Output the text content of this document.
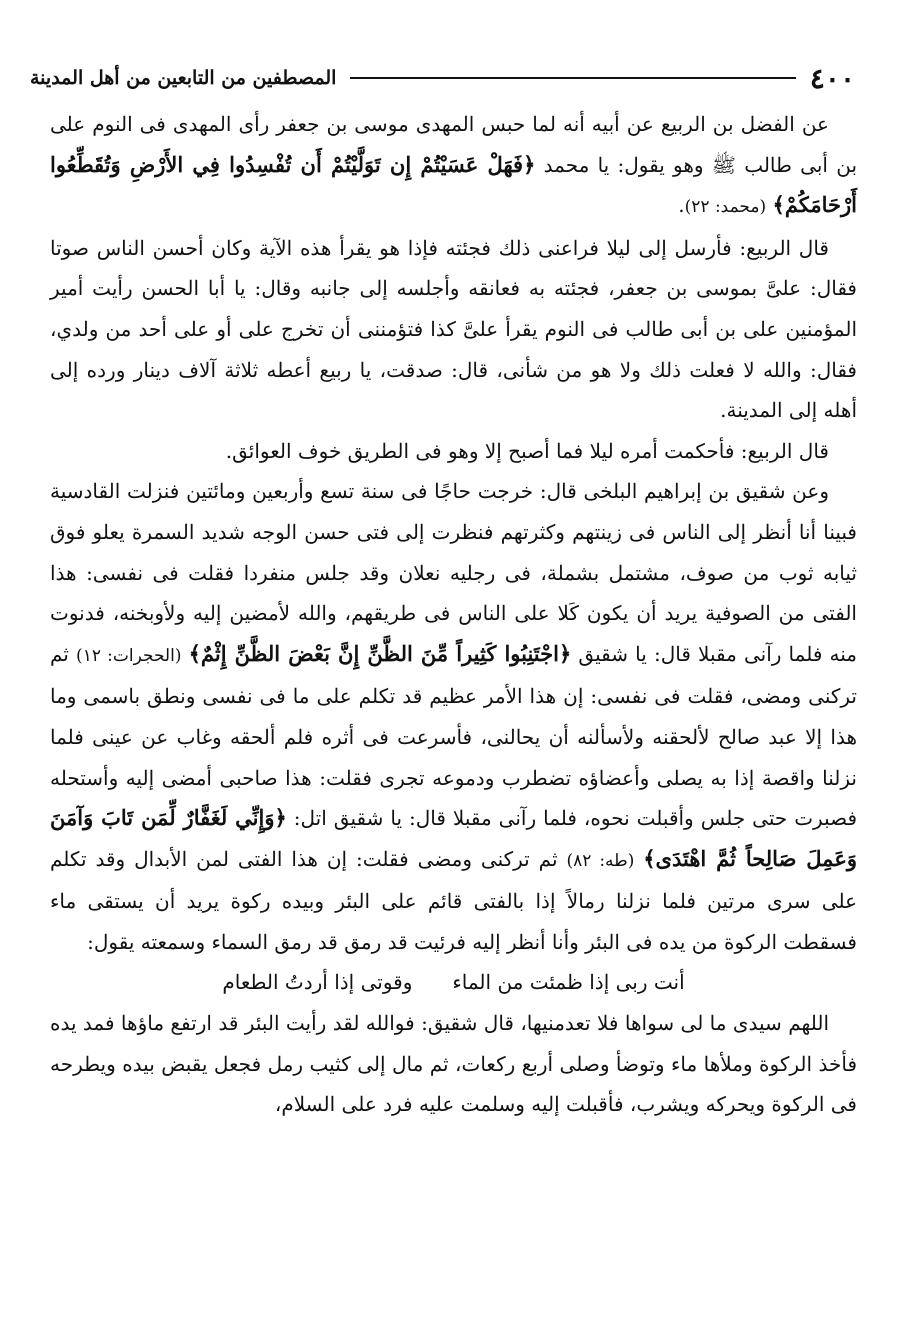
٤٠٠
المصطفين من التابعين من أهل المدينة

عن الفضل بن الربيع عن أبيه أنه لما حبس المهدى موسى بن جعفر رأى المهدى فى النوم على بن أبى طالب ﷺ وهو يقول: يا محمد ﴿فَهَلْ عَسَيْتُمْ إِن تَوَلَّيْتُمْ أَن تُفْسِدُوا فِي الأَرْضِ وَتُقَطِّعُوا أَرْحَامَكُمْ﴾ (محمد: ٢٢).

قال الربيع: فأرسل إلى ليلا فراعنى ذلك فجئته فإذا هو يقرأ هذه الآية وكان أحسن الناس صوتا فقال: علىَّ بموسى بن جعفر، فجئته به فعانقه وأجلسه إلى جانبه وقال: يا أبا الحسن رأيت أمير المؤمنين على بن أبى طالب فى النوم يقرأ علىَّ كذا فتؤمننى أن تخرج على أو على أحد من ولدي، فقال: والله لا فعلت ذلك ولا هو من شأنى، قال: صدقت، يا ربيع أعطه ثلاثة آلاف دينار ورده إلى أهله إلى المدينة.

قال الربيع: فأحكمت أمره ليلا فما أصبح إلا وهو فى الطريق خوف العوائق.

وعن شقيق بن إبراهيم البلخى قال: خرجت حاجًا فى سنة تسع وأربعين ومائتين فنزلت القادسية فبينا أنا أنظر إلى الناس فى زينتهم وكثرتهم فنظرت إلى فتى حسن الوجه شديد السمرة يعلو فوق ثيابه ثوب من صوف، مشتمل بشملة، فى رجليه نعلان وقد جلس منفردا فقلت فى نفسى: هذا الفتى من الصوفية يريد أن يكون كَلا على الناس فى طريقهم، والله لأمضين إليه ولأوبخنه، فدنوت منه فلما رآنى مقبلا قال: يا شقيق ﴿اجْتَنِبُوا كَثِيراً مِّنَ الظَّنِّ إِنَّ بَعْضَ الظَّنِّ إِثْمٌ﴾ (الحجرات: ١٢) ثم تركنى ومضى، فقلت فى نفسى: إن هذا الأمر عظيم قد تكلم على ما فى نفسى ونطق باسمى وما هذا إلا عبد صالح لألحقنه ولأسألنه أن يحالنى، فأسرعت فى أثره فلم ألحقه وغاب عن عينى فلما نزلنا واقصة إذا به يصلى وأعضاؤه تضطرب ودموعه تجرى فقلت: هذا صاحبى أمضى إليه وأستحله فصبرت حتى جلس وأقبلت نحوه، فلما رآنى مقبلا قال: يا شقيق اتل: ﴿وَإِنِّي لَغَفَّارٌ لِّمَن تَابَ وَآمَنَ وَعَمِلَ صَالِحاً ثُمَّ اهْتَدَى﴾ (طه: ٨٢) ثم تركنى ومضى فقلت: إن هذا الفتى لمن الأبدال وقد تكلم على سرى مرتين فلما نزلنا رمالاً إذا بالفتى قائم على البئر وبيده ركوة يريد أن يستقى ماء فسقطت الركوة من يده فى البئر وأنا أنظر إليه فرئيت قد رمق قد رمق السماء وسمعته يقول:

أنت ربى إذا ظمئت من الماء
وقوتى إذا أردتُ الطعام

اللهم سيدى ما لى سواها فلا تعدمنيها، قال شقيق: فوالله لقد رأيت البئر قد ارتفع ماؤها فمد يده فأخذ الركوة وملأها ماء وتوضأ وصلى أربع ركعات، ثم مال إلى كثيب رمل فجعل يقبض بيده ويطرحه فى الركوة ويحركه ويشرب، فأقبلت إليه وسلمت عليه فرد على السلام،
